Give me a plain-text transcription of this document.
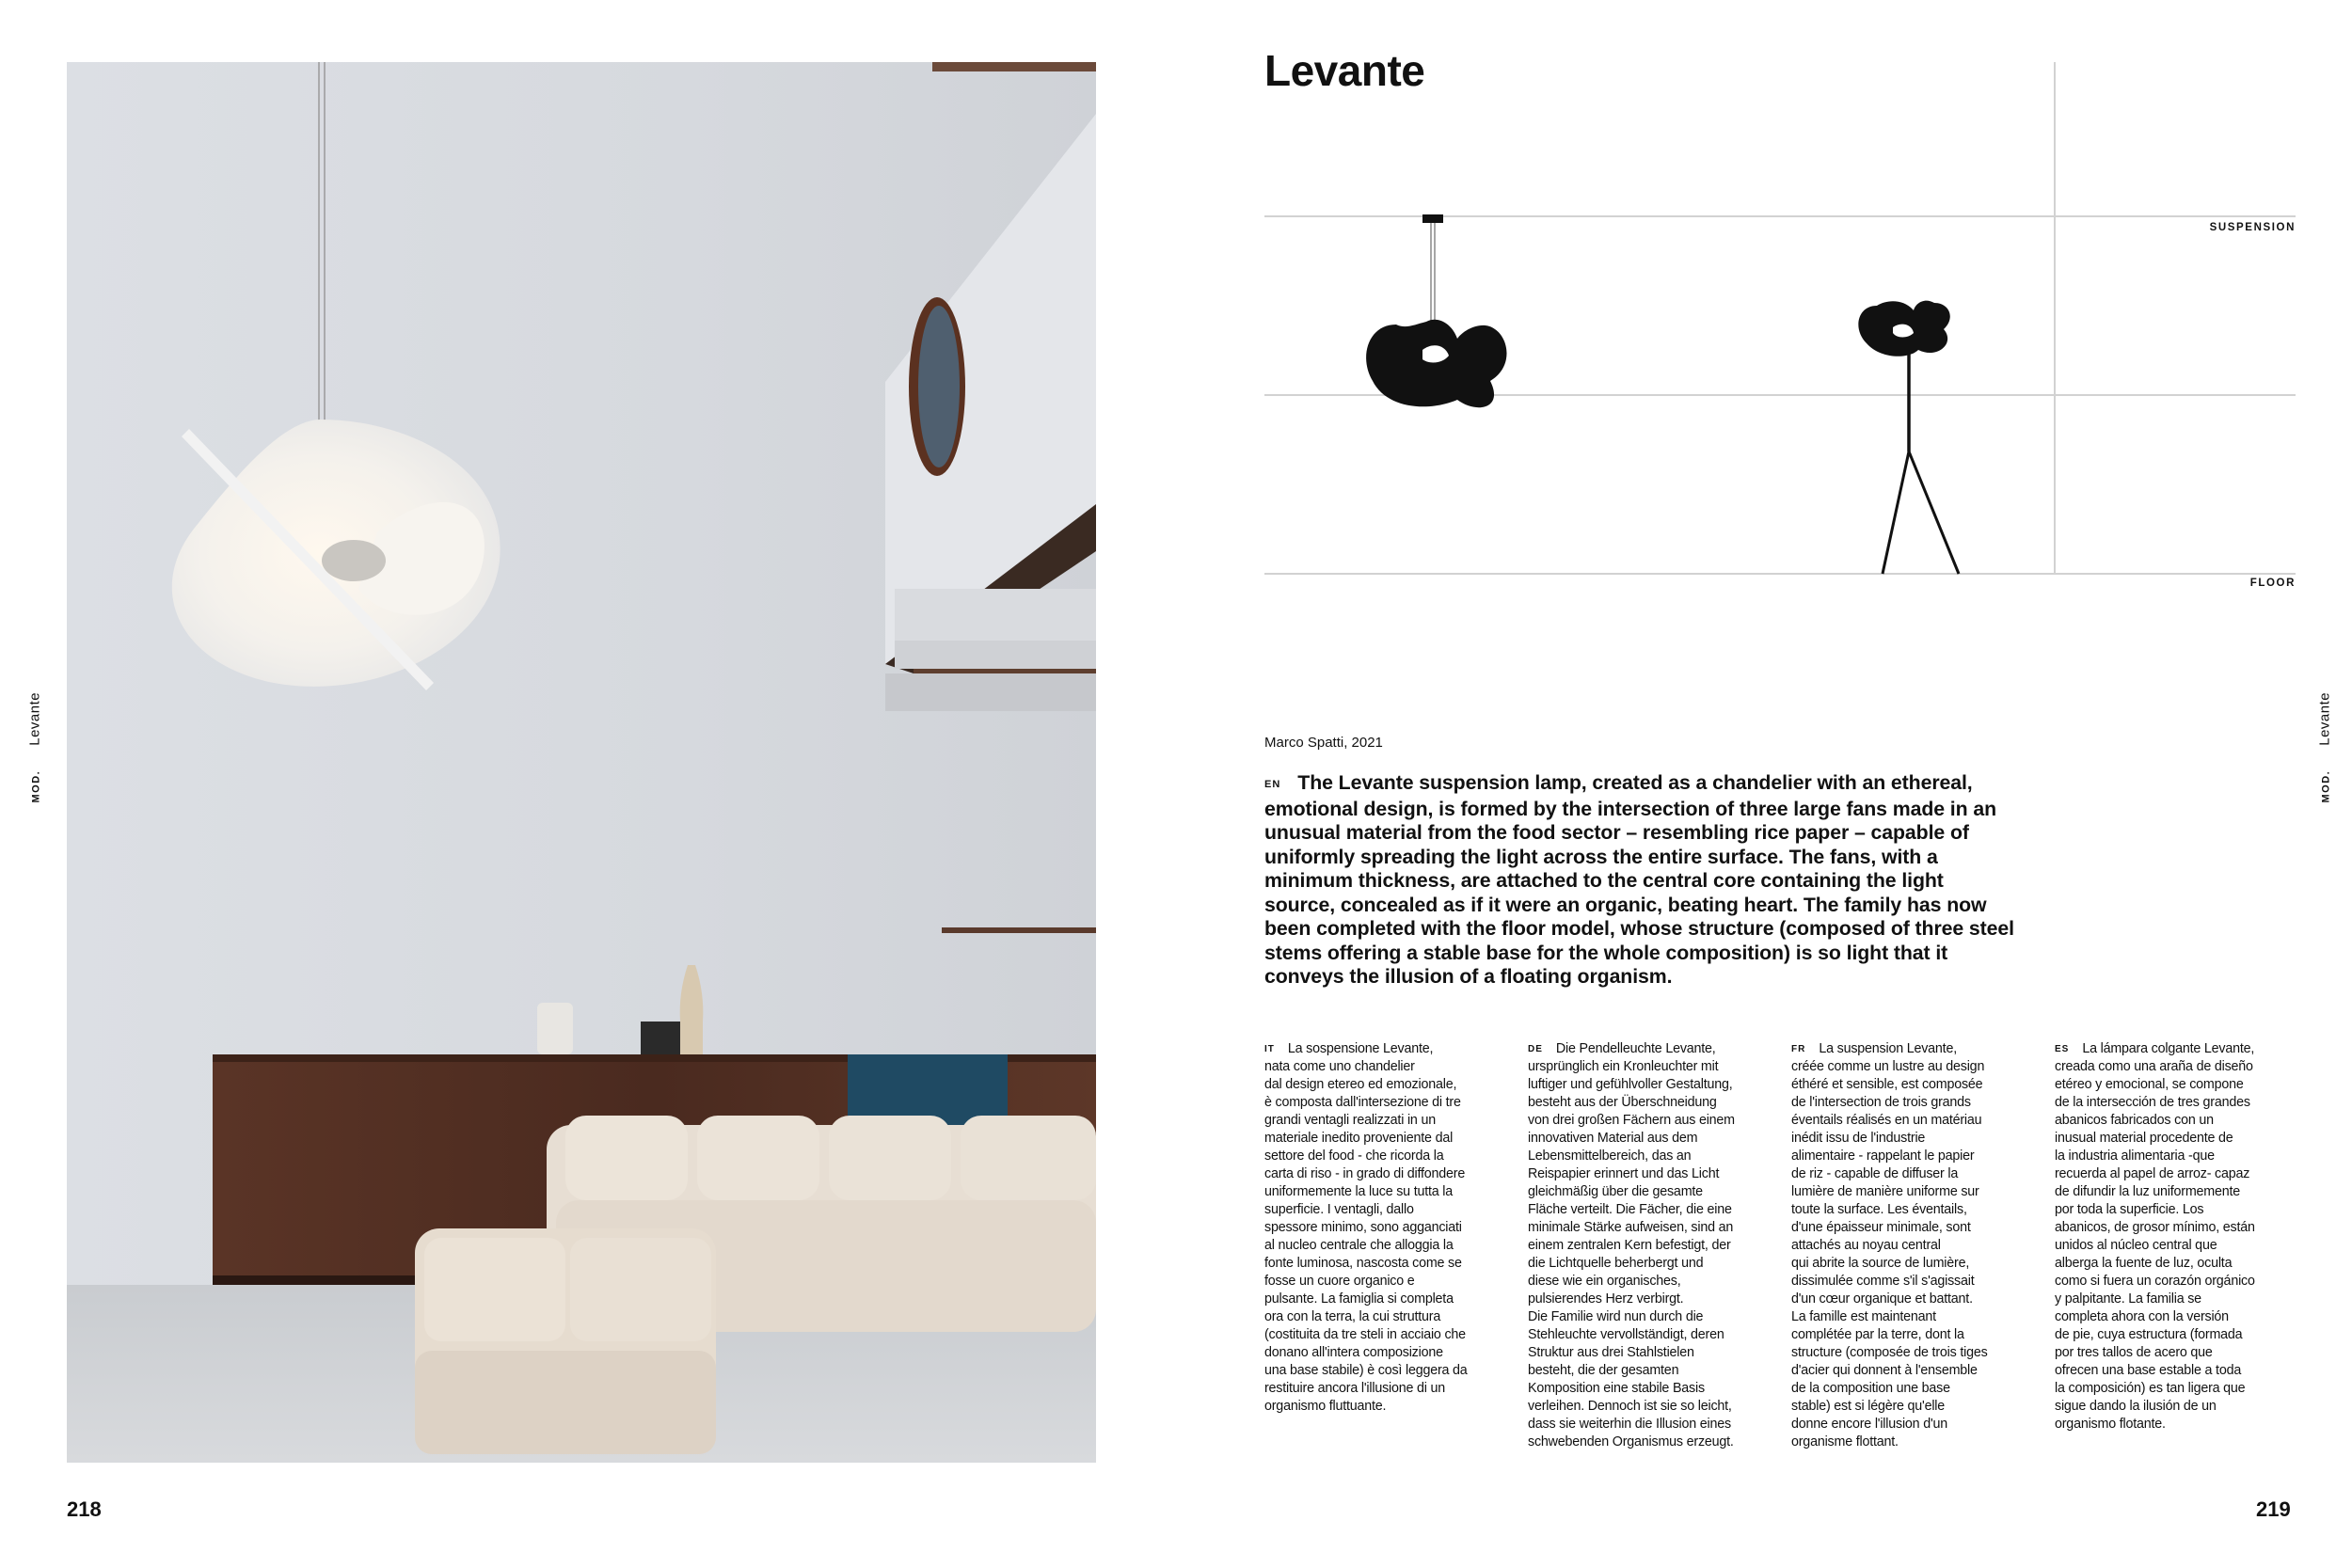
MOD.Levante
MOD.Levante
218	219
Levante
SUSPENSION
FLOOR
Marco Spatti, 2021
EN The Levante suspension lamp, created as a chandelier with an ethereal, emotional design, is formed by the intersection of three large fans made in an unusual material from the food sector – resembling rice paper – capable of uniformly spreading the light across the entire surface. The fans, with a minimum thickness, are attached to the central core containing the light source, concealed as if it were an organic, beating heart. The family has now been completed with the floor model, whose structure (composed of three steel stems offering a stable base for the whole composition) is so light that it conveys the illusion of a floating organism.
IT La sospensione Levante,
nata come uno chandelier
dal design etereo ed emozionale,
è composta dall'intersezione di tre
grandi ventagli realizzati in un
materiale inedito proveniente dal
settore del food - che ricorda la
carta di riso - in grado di diffondere
uniformemente la luce su tutta la
superficie. I ventagli, dallo
spessore minimo, sono agganciati
al nucleo centrale che alloggia la
fonte luminosa, nascosta come se
fosse un cuore organico e
pulsante. La famiglia si completa
ora con la terra, la cui struttura
(costituita da tre steli in acciaio che
donano all'intera composizione
una base stabile) è così leggera da
restituire ancora l'illusione di un
organismo fluttuante.
DE Die Pendelleuchte Levante,
ursprünglich ein Kronleuchter mit
luftiger und gefühlvoller Gestaltung,
besteht aus der Überschneidung
von drei großen Fächern aus einem
innovativen Material aus dem
Lebensmittelbereich, das an
Reispapier erinnert und das Licht
gleichmäßig über die gesamte
Fläche verteilt. Die Fächer, die eine
minimale Stärke aufweisen, sind an
einem zentralen Kern befestigt, der
die Lichtquelle beherbergt und
diese wie ein organisches,
pulsierendes Herz verbirgt.
Die Familie wird nun durch die
Stehleuchte vervollständigt, deren
Struktur aus drei Stahlstielen
besteht, die der gesamten
Komposition eine stabile Basis
verleihen. Dennoch ist sie so leicht,
dass sie weiterhin die Illusion eines
schwebenden Organismus erzeugt.
FR La suspension Levante,
créée comme un lustre au design
éthéré et sensible, est composée
de l'intersection de trois grands
éventails réalisés en un matériau
inédit issu de l'industrie
alimentaire - rappelant le papier
de riz - capable de diffuser la
lumière de manière uniforme sur
toute la surface. Les éventails,
d'une épaisseur minimale, sont
attachés au noyau central
qui abrite la source de lumière,
dissimulée comme s'il s'agissait
d'un cœur organique et battant.
La famille est maintenant
complétée par la terre, dont la
structure (composée de trois tiges
d'acier qui donnent à l'ensemble
de la composition une base
stable) est si légère qu'elle
donne encore l'illusion d'un
organisme flottant.
ES La lámpara colgante Levante,
creada como una araña de diseño
etéreo y emocional, se compone
de la intersección de tres grandes
abanicos fabricados con un
inusual material procedente de
la industria alimentaria -que
recuerda al papel de arroz- capaz
de difundir la luz uniformemente
por toda la superficie. Los
abanicos, de grosor mínimo, están
unidos al núcleo central que
alberga la fuente de luz, oculta
como si fuera un corazón orgánico
y palpitante. La familia se
completa ahora con la versión
de pie, cuya estructura (formada
por tres tallos de acero que
ofrecen una base estable a toda
la composición) es tan ligera que
sigue dando la ilusión de un
organismo flotante.
